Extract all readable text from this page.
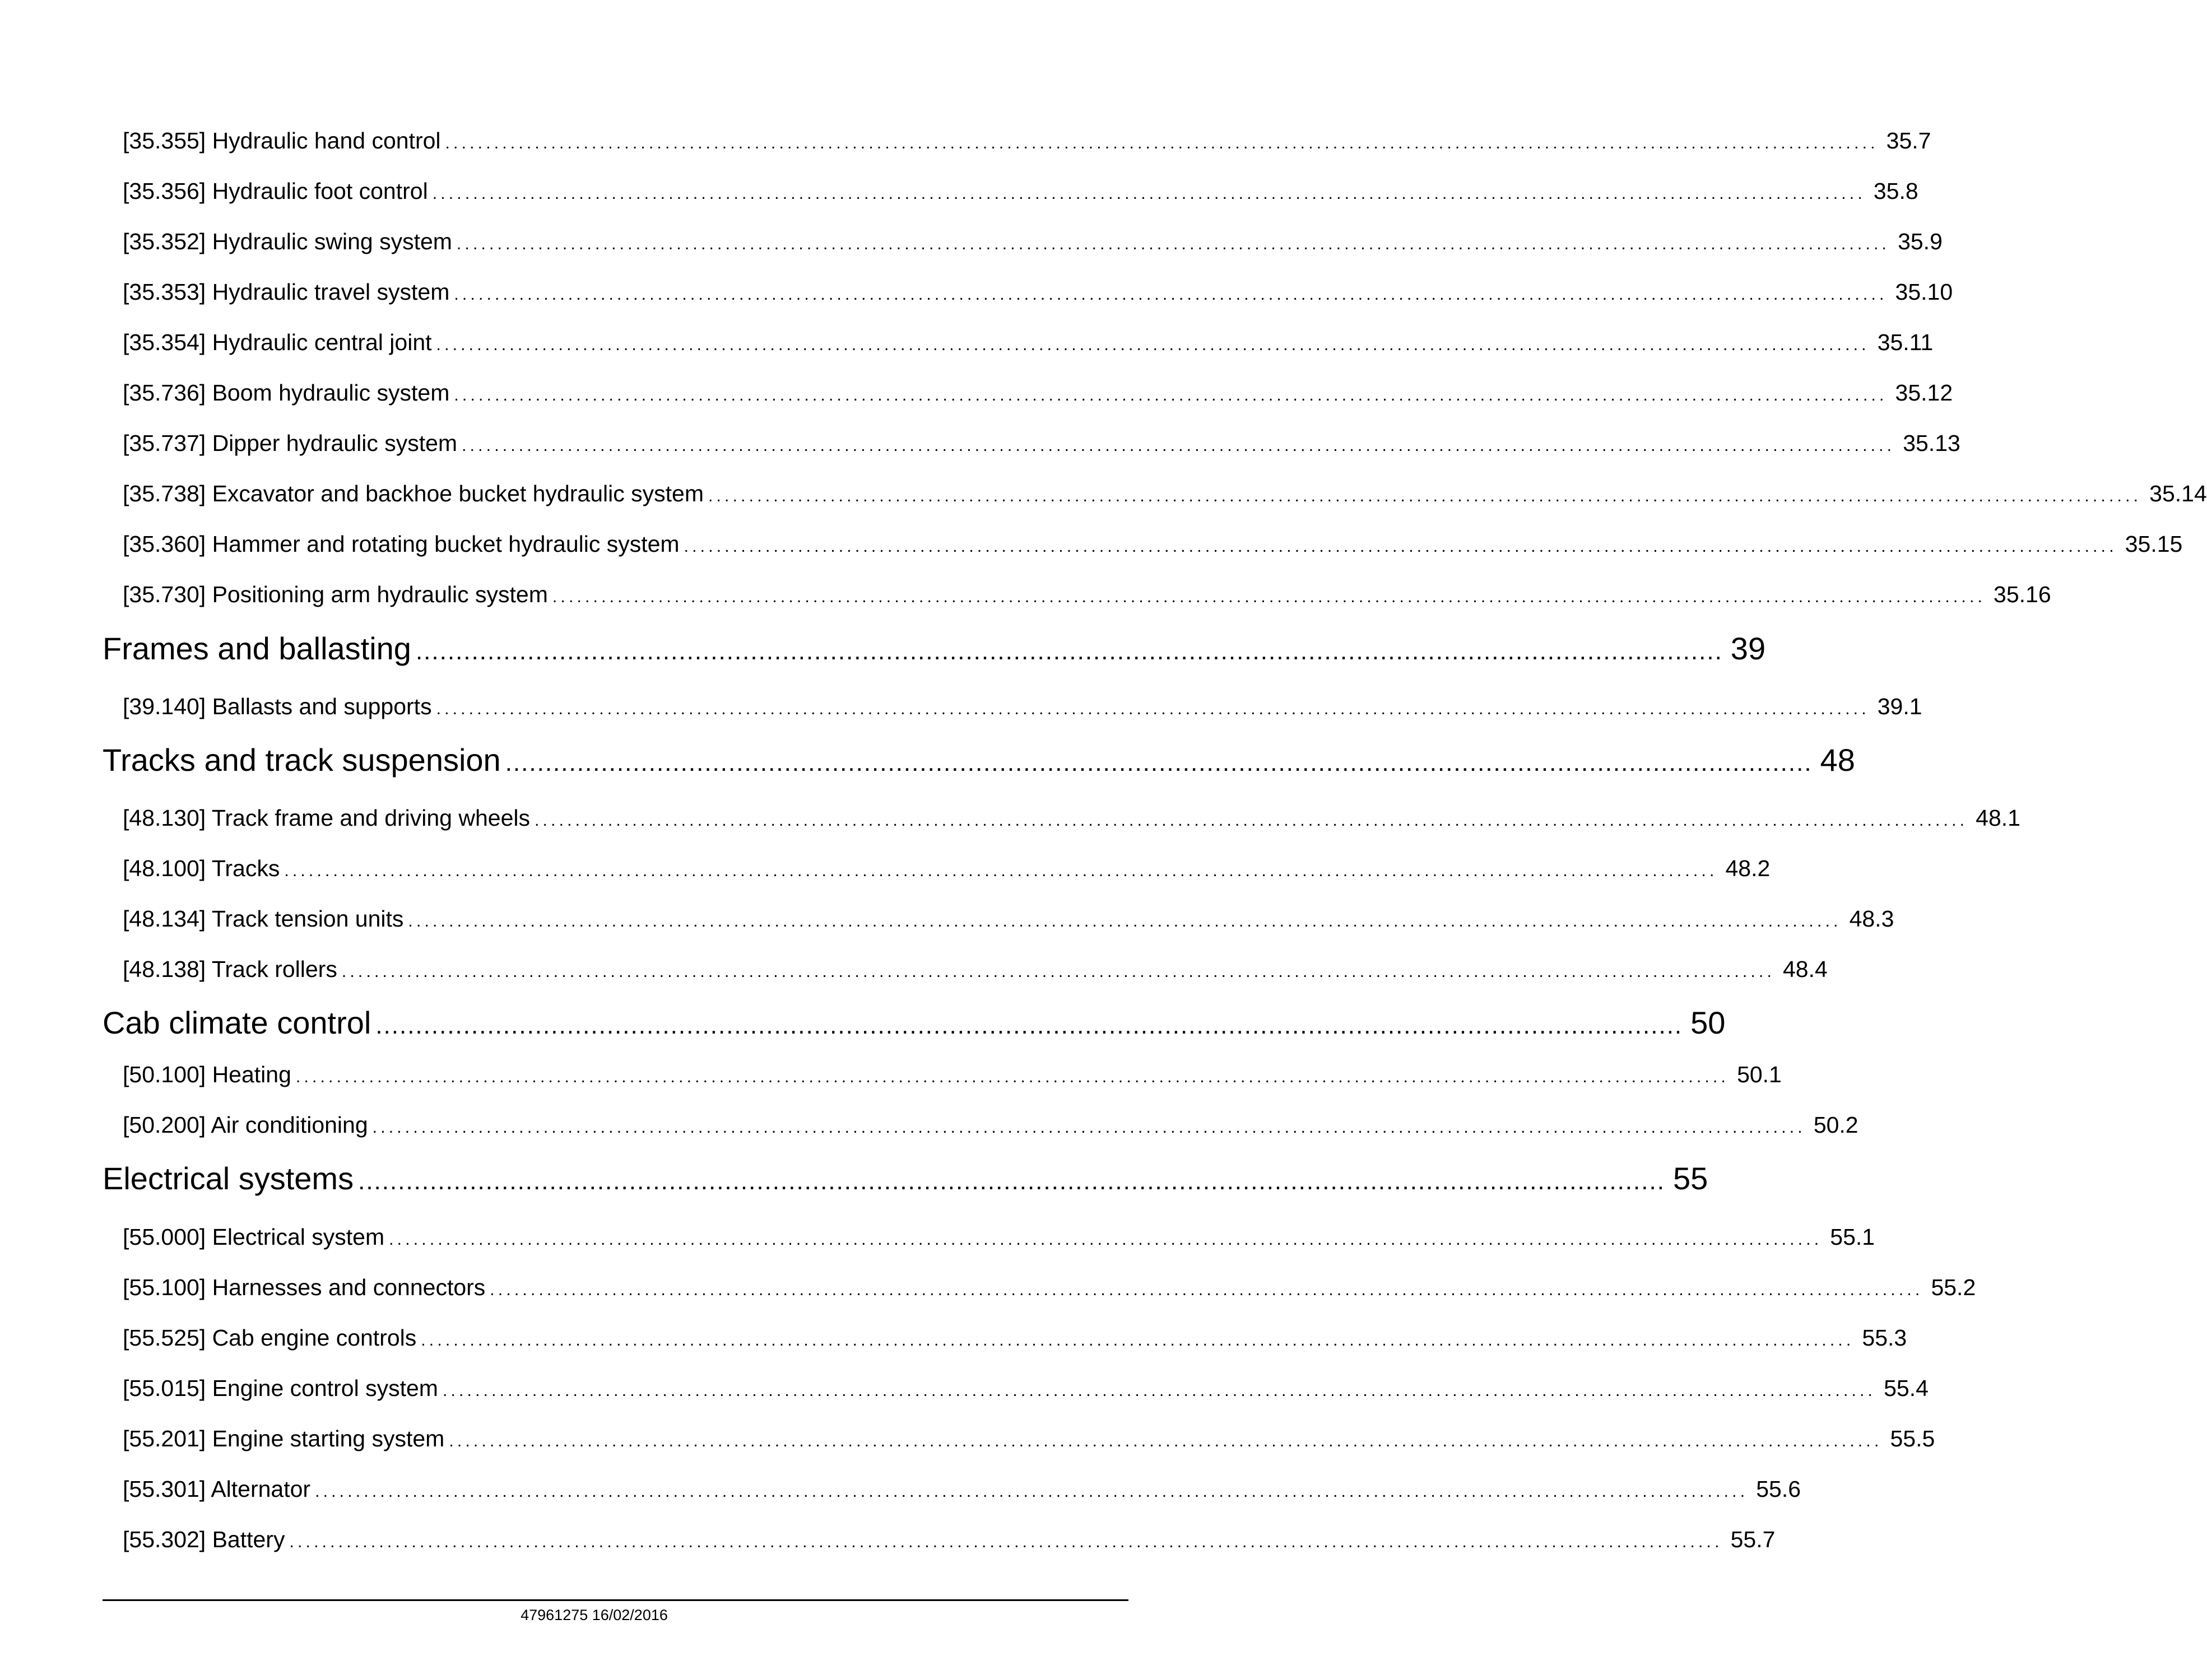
[35.355] Hydraulic hand control ................................................................................................................................................................................ 35.7
[35.356] Hydraulic foot control ................................................................................................................................................................................ 35.8
[35.352] Hydraulic swing system ................................................................................................................................................................................ 35.9
[35.353] Hydraulic travel system ................................................................................................................................................................................ 35.10
[35.354] Hydraulic central joint ................................................................................................................................................................................ 35.11
[35.736] Boom hydraulic system ................................................................................................................................................................................ 35.12
[35.737] Dipper hydraulic system ................................................................................................................................................................................ 35.13
[35.738] Excavator and backhoe bucket hydraulic system ................................................................................................................................................................................ 35.14
[35.360] Hammer and rotating bucket hydraulic system ................................................................................................................................................................................ 35.15
[35.730] Positioning arm hydraulic system ................................................................................................................................................................................ 35.16
Frames and ballasting .................................................................................................................................................................... 39
[39.140] Ballasts and supports ................................................................................................................................................................................ 39.1
Tracks and track suspension .................................................................................................................................................................... 48
[48.130] Track frame and driving wheels ................................................................................................................................................................................ 48.1
[48.100] Tracks ................................................................................................................................................................................ 48.2
[48.134] Track tension units ................................................................................................................................................................................ 48.3
[48.138] Track rollers ................................................................................................................................................................................ 48.4
Cab climate control .................................................................................................................................................................... 50
[50.100] Heating ................................................................................................................................................................................ 50.1
[50.200] Air conditioning ................................................................................................................................................................................ 50.2
Electrical systems .................................................................................................................................................................... 55
[55.000] Electrical system ................................................................................................................................................................................ 55.1
[55.100] Harnesses and connectors ................................................................................................................................................................................ 55.2
[55.525] Cab engine controls ................................................................................................................................................................................ 55.3
[55.015] Engine control system ................................................................................................................................................................................ 55.4
[55.201] Engine starting system ................................................................................................................................................................................ 55.5
[55.301] Alternator ................................................................................................................................................................................ 55.6
[55.302] Battery ................................................................................................................................................................................ 55.7
47961275 16/02/2016
